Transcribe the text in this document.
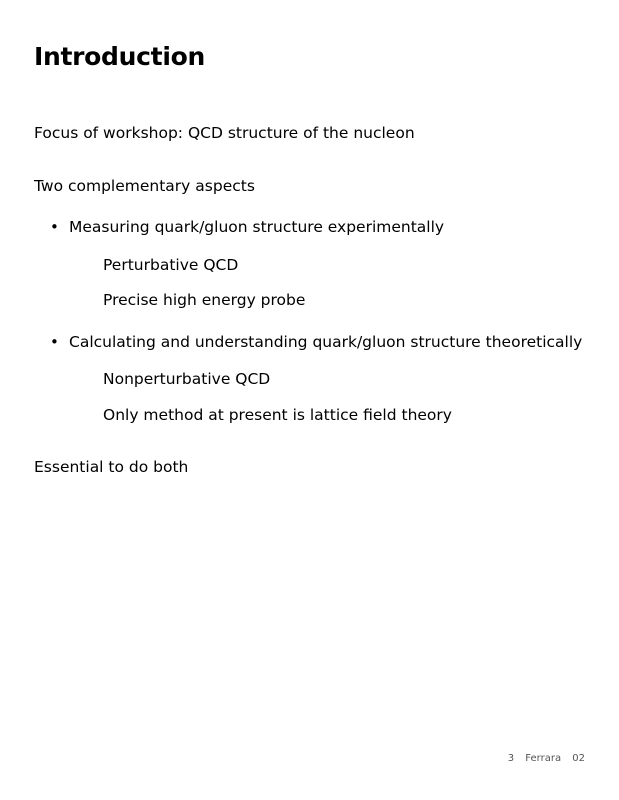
Introduction
Focus of workshop: QCD structure of the nucleon
Two complementary aspects
• Measuring quark/gluon structure experimentally
Perturbative QCD
Precise high energy probe
• Calculating and understanding quark/gluon structure theoretically
Nonperturbative QCD
Only method at present is lattice field theory
Essential to do both
3 Ferrara 02
